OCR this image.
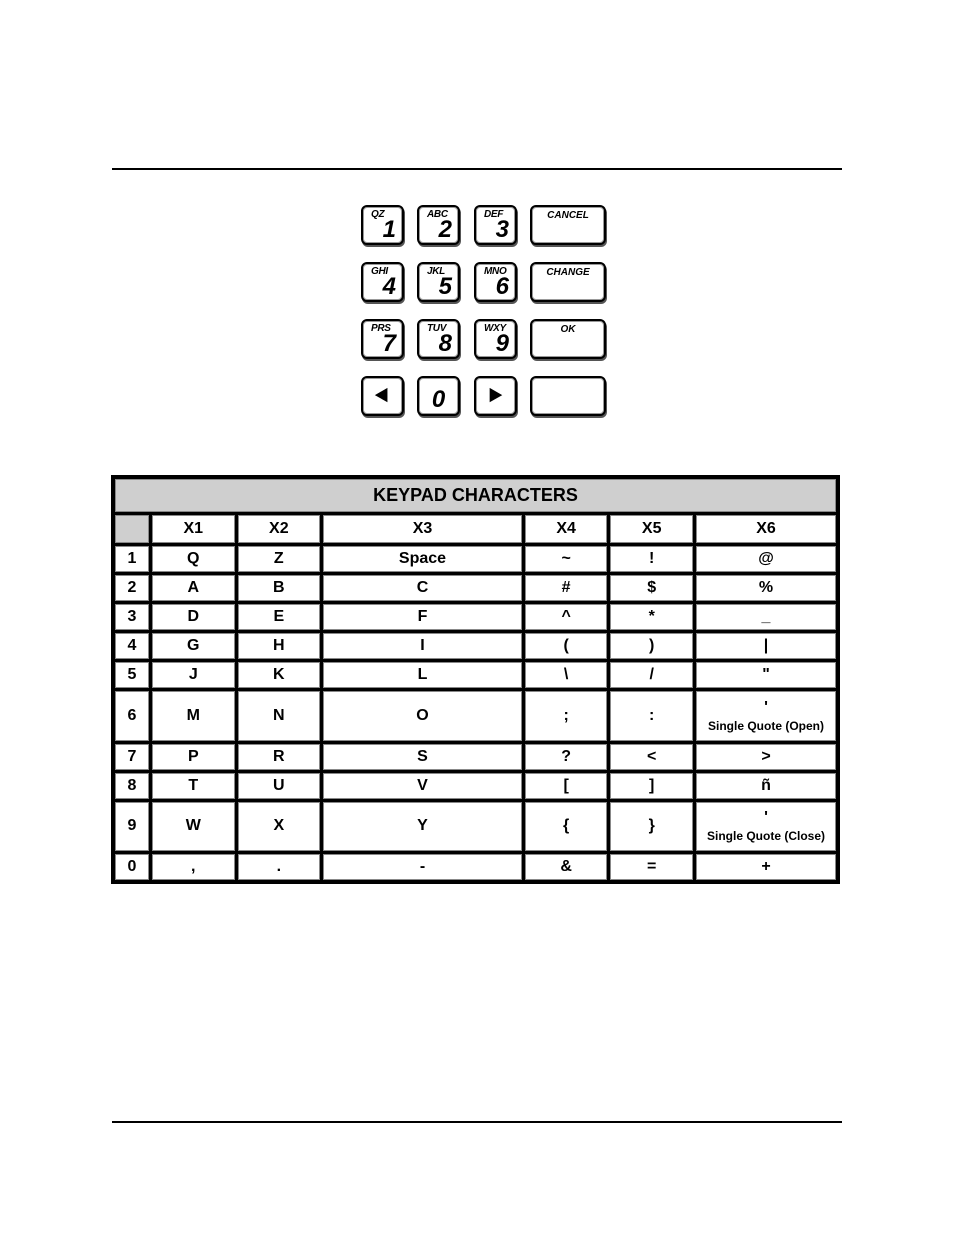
QZ
1
ABC
2
DEF
3
CANCEL
GHI
4
JKL
5
MNO
6
CHANGE
PRS
7
TUV
8
WXY
9
OK
0
KEYPAD CHARACTERS						
	X1	X2	X3	X4	X5	X6
1	Q	Z	Space	~	!	@
2	A	B	C	#	$	%
3	D	E	F	^	*	_
4	G	H	I	(	)	|
5	J	K	L	\	/	"
6	M	N	O	;	:	'
Single Quote (Open)

7	P	R	S	?	<	>
8	T	U	V	[	]	ñ
9	W	X	Y	{	}	'
Single Quote (Close)

0	,	.	-	&	=	+
